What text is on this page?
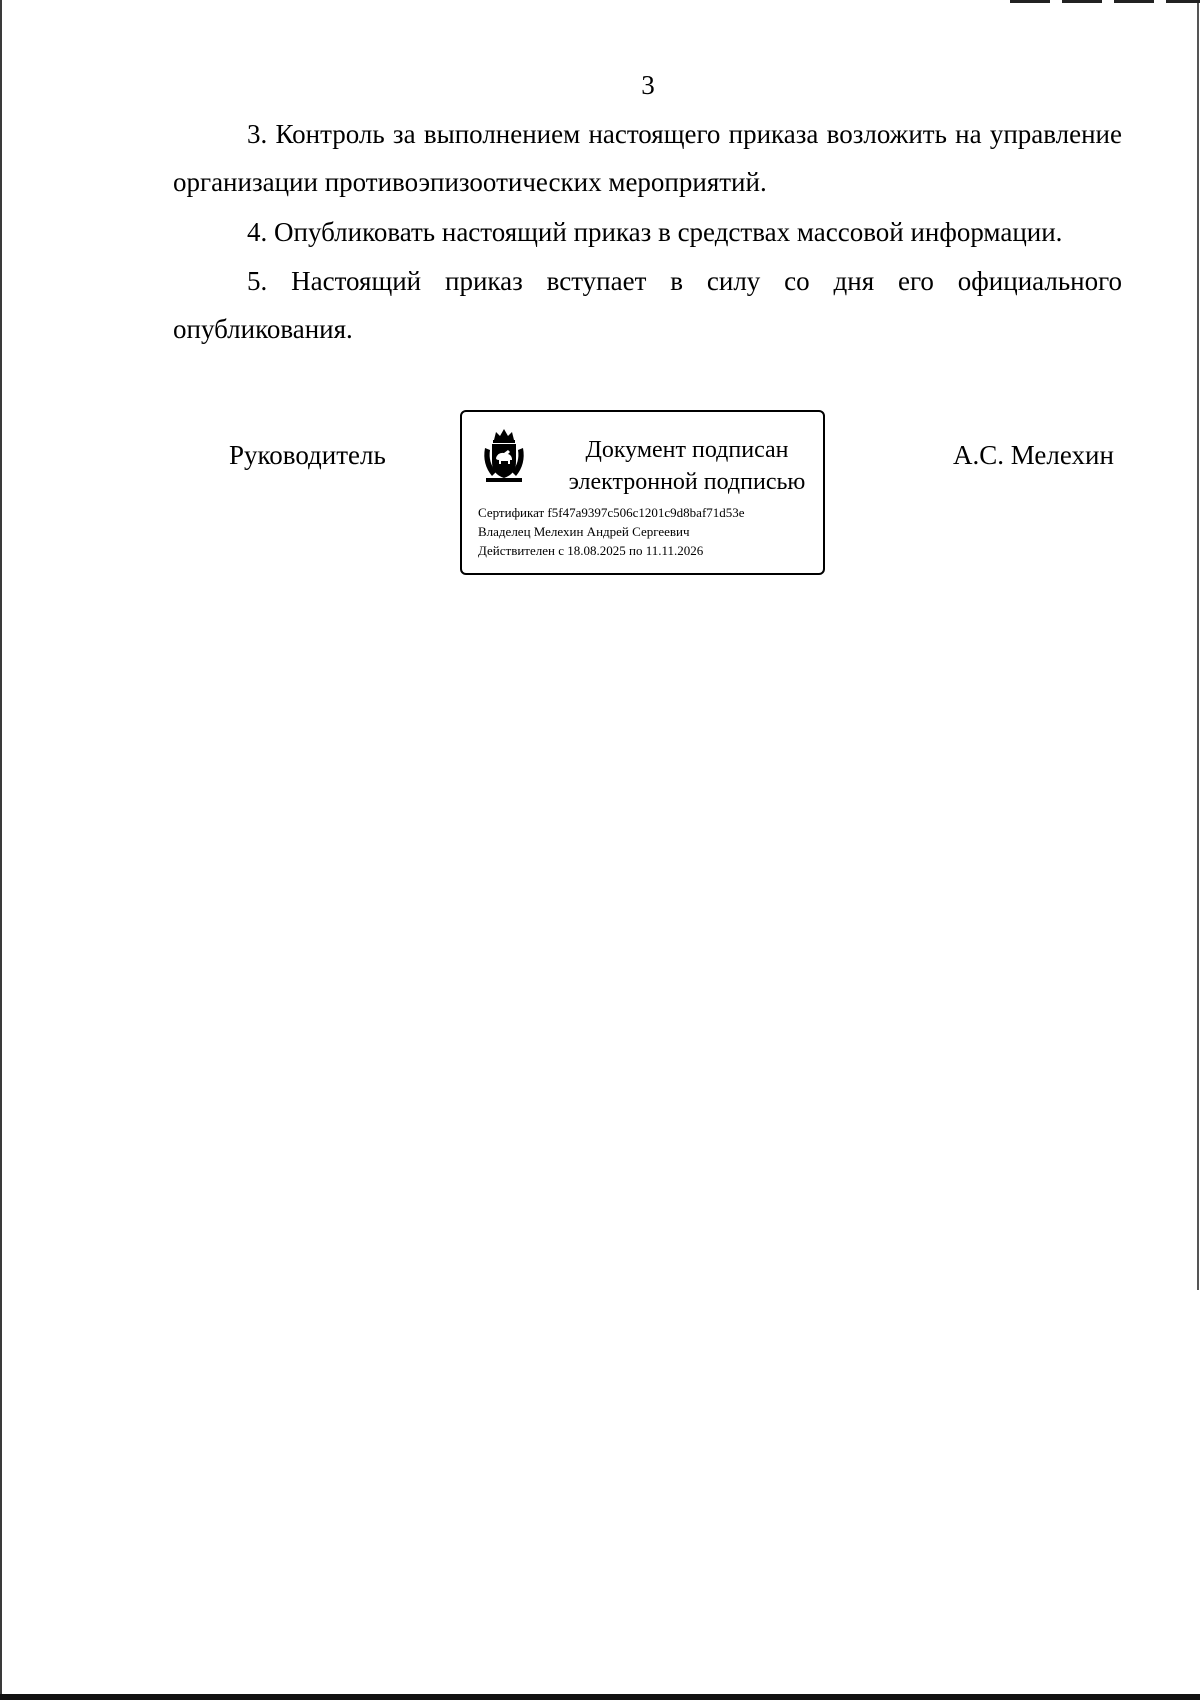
3

3. Контроль за выполнением настоящего приказа возложить на управление организации противоэпизоотических мероприятий.

4. Опубликовать настоящий приказ в средствах массовой информации.

5. Настоящий приказ вступает в силу со дня его официального опубликования.

Руководитель	Документ подписан электронной подписью
Сертификат f5f47a9397c506c1201c9d8baf71d53e
Владелец Мелехин Андрей Сергеевич
Действителен с 18.08.2025 по 11.11.2026
А.С. Мелехин
